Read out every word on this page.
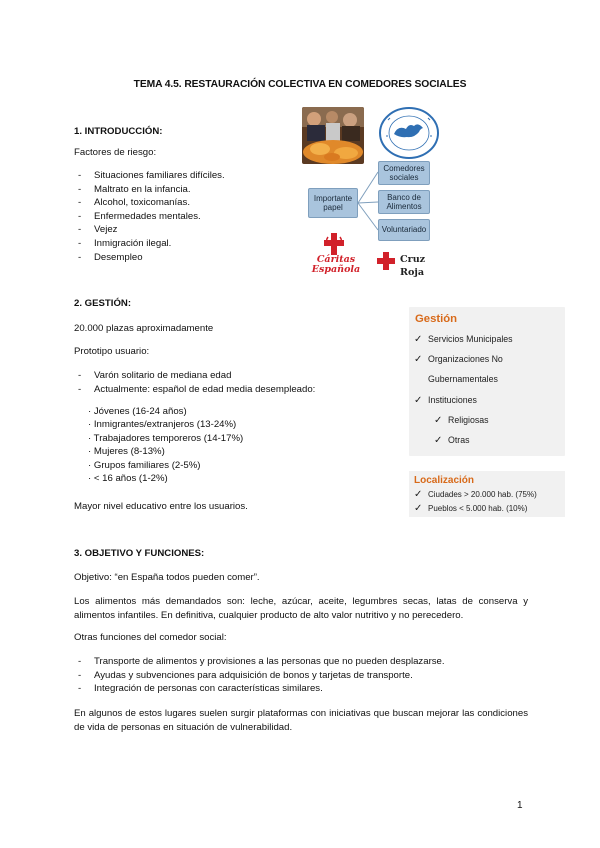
TEMA 4.5. RESTAURACIÓN COLECTIVA EN COMEDORES SOCIALES
1. INTRODUCCIÓN:
Factores de riesgo:
- Situaciones familiares difíciles.
- Maltrato en la infancia.
- Alcohol, toxicomanías.
- Enfermedades mentales.
- Vejez
- Inmigración ilegal.
- Desempleo
Importante papel
Comedores sociales
Banco de Alimentos
Voluntariado
Cáritas
Española
Cruz Roja
2. GESTIÓN:
20.000 plazas aproximadamente
Prototipo usuario:
- Varón solitario de mediana edad
- Actualmente: español de edad media desempleado:
· Jóvenes (16-24 años)
· Inmigrantes/extranjeros (13-24%)
· Trabajadores temporeros (14-17%)
· Mujeres (8-13%)
· Grupos familiares (2-5%)
· < 16 años (1-2%)
Mayor nivel educativo entre los usuarios.
Gestión
✓ Servicios Municipales
✓ Organizaciones No
Gubernamentales
✓ Instituciones
✓ Religiosas
✓ Otras
Localización
✓ Ciudades > 20.000 hab. (75%)
✓ Pueblos < 5.000 hab. (10%)
3. OBJETIVO Y FUNCIONES:
Objetivo: “en España todos pueden comer”.
Los alimentos más demandados son: leche, azúcar, aceite, legumbres secas, latas de conserva y alimentos infantiles. En definitiva, cualquier producto de alto valor nutritivo y no perecedero.
Otras funciones del comedor social:
- Transporte de alimentos y provisiones a las personas que no pueden desplazarse.
- Ayudas y subvenciones para adquisición de bonos y tarjetas de transporte.
- Integración de personas con características similares.
En algunos de estos lugares suelen surgir plataformas con iniciativas que buscan mejorar las condiciones de vida de personas en situación de vulnerabilidad.
1
